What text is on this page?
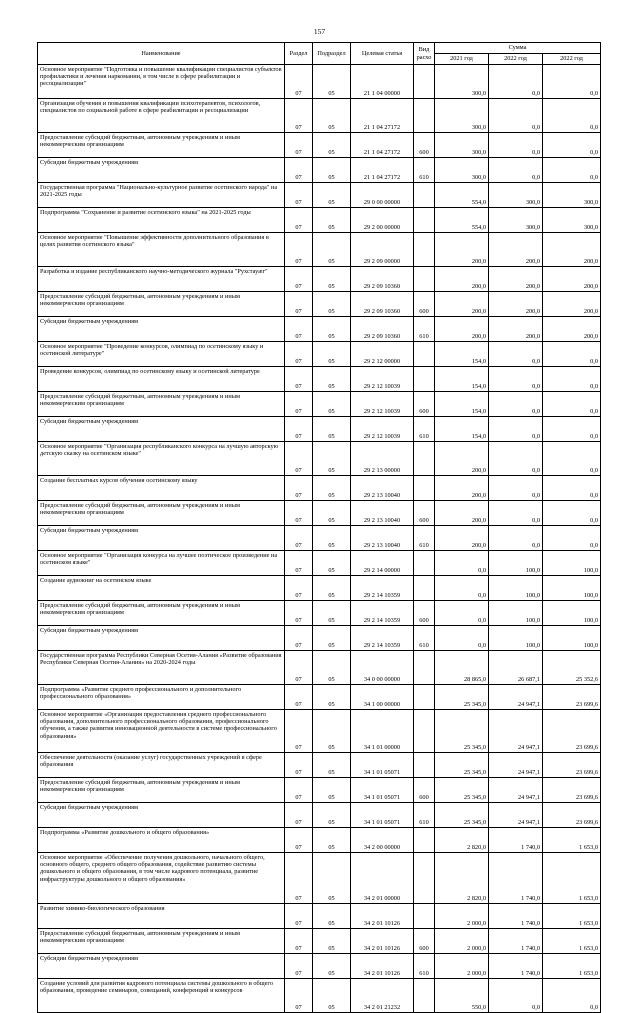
157
Наименование	Раздел	Подраздел	Целевая статья	Вид расхо	Сумма		
					2021 год	2022 год	2022 год
Основное мероприятие "Подготовка и повышение квалификации специалистов субъектов профилактики и лечения наркомании, в том числе в сфере реабилитации и ресоциализации"	07	05	21 1 04 00000		300,0	0,0	0,0
Организация обучения и повышения квалификации психотерапевтов, психологов, специалистов по социальной работе в сфере реабилитации и ресоциализации	07	05	21 1 04 27172		300,0	0,0	0,0
Предоставление субсидий бюджетным, автономным учреждениям и иным некоммерческим организациям	07	05	21 1 04 27172	600	300,0	0,0	0,0
Субсидии бюджетным учреждениям	07	05	21 1 04 27172	610	300,0	0,0	0,0
Государственная программа "Национально-культурное развитие осетинского народа" на 2021-2025 годы	07	05	29 0 00 00000		554,0	300,0	300,0
Подпрограмма "Сохранение и развитие осетинского языка" на 2021-2025 годы	07	05	29 2 00 00000		554,0	300,0	300,0
Основное мероприятие "Повышение эффективности дополнительного образования в целях развития осетинского языка"	07	05	29 2 09 00000		200,0	200,0	200,0
Разработка и издание республиканского научно-методического журнала "Рухстауæг"	07	05	29 2 09 10360		200,0	200,0	200,0
Предоставление субсидий бюджетным, автономным учреждениям и иным некоммерческим организациям	07	05	29 2 09 10360	600	200,0	200,0	200,0
Субсидии бюджетным учреждениям	07	05	29 2 09 10360	610	200,0	200,0	200,0
Основное мероприятие "Проведение конкурсов, олимпиад по осетинскому языку и осетинской литературе"	07	05	29 2 12 00000		154,0	0,0	0,0
Проведение конкурсов, олимпиад по осетинскому языку и осетинской литературе	07	05	29 2 12 10039		154,0	0,0	0,0
Предоставление субсидий бюджетным, автономным учреждениям и иным некоммерческим организациям	07	05	29 2 12 10039	600	154,0	0,0	0,0
Субсидии бюджетным учреждениям	07	05	29 2 12 10039	610	154,0	0,0	0,0
Основное мероприятие "Организация республиканского конкурса на лучшую авторскую детскую сказку на осетинском языке"	07	05	29 2 13 00000		200,0	0,0	0,0
Создание бесплатных курсов обучения осетинскому языку	07	05	29 2 13 10040		200,0	0,0	0,0
Предоставление субсидий бюджетным, автономным учреждениям и иным некоммерческим организациям	07	05	29 2 13 10040	600	200,0	0,0	0,0
Субсидии бюджетным учреждениям	07	05	29 2 13 10040	610	200,0	0,0	0,0
Основное мероприятие "Организация конкурса на лучшее поэтическое произведение на осетинском языке"	07	05	29 2 14 00000		0,0	100,0	100,0
Создание аудиокниг на осетинском языке	07	05	29 2 14 10359		0,0	100,0	100,0
Предоставление субсидий бюджетным, автономным учреждениям и иным некоммерческим организациям	07	05	29 2 14 10359	600	0,0	100,0	100,0
Субсидии бюджетным учреждениям	07	05	29 2 14 10359	610	0,0	100,0	100,0
Государственная программа Республики Северная Осетия-Алания «Развитие образования Республики Северная Осетия-Алания» на 2020-2024 годы	07	05	34 0 00 00000		28 865,0	26 687,1	25 352,6
Подпрограмма «Развитие среднего профессионального и дополнительного профессионального образования»	07	05	34 1 00 00000		25 345,0	24 947,1	23 699,6
Основное мероприятие «Организация предоставления среднего профессионального образования, дополнительного профессионального образования, профессионального обучения, а также развития инновационной деятельности в системе профессионального образования»	07	05	34 1 01 00000		25 345,0	24 947,1	23 699,6
Обеспечение деятельности (оказание услуг) государственных учреждений в сфере образования	07	05	34 1 01 05071		25 345,0	24 947,1	23 699,6
Предоставление субсидий бюджетным, автономным учреждениям и иным некоммерческим организациям	07	05	34 1 01 05071	600	25 345,0	24 947,1	23 699,6
Субсидии бюджетным учреждениям	07	05	34 1 01 05071	610	25 345,0	24 947,1	23 699,6
Подпрограмма «Развитие дошкольного и общего образования»	07	05	34 2 00 00000		2 820,0	1 740,0	1 653,0
Основное мероприятие «Обеспечение получения дошкольного, начального общего, основного общего, среднего общего образования, содействие развитию системы дошкольного и общего образования, в том числе кадрового потенциала, развитие инфраструктуры дошкольного и общего образования»	07	05	34 2 01 00000		2 820,0	1 740,0	1 653,0
Развитие химико-биологического образования	07	05	34 2 01 10126		2 000,0	1 740,0	1 653,0
Предоставление субсидий бюджетным, автономным учреждениям и иным некоммерческим организациям	07	05	34 2 01 10126	600	2 000,0	1 740,0	1 653,0
Субсидии бюджетным учреждениям	07	05	34 2 01 10126	610	2 000,0	1 740,0	1 653,0
Создание условий для развития кадрового потенциала системы дошкольного и общего образования, проведение семинаров, совещаний, конференций и конкурсов	07	05	34 2 01 21232		550,0	0,0	0,0
